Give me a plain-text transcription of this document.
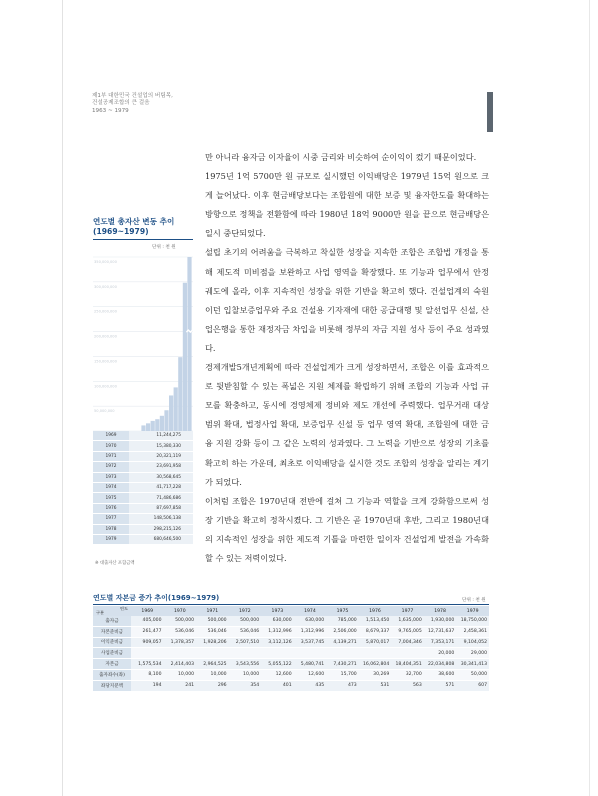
제1부 대한민국 건설업의 버팀목,
건설공제조합의 큰 걸음
1963 ~ 1979
연도별 총자산 변동 추이
(1969~1979)
단위 : 천 원
350,000,000
300,000,000
250,000,000
200,000,000
150,000,000
100,000,000
50,000,000
1969	11,244,275
1970	15,380,330
1971	20,321,119
1972	23,691,958
1973	30,568,645
1974	41,717,228
1975	71,486,686
1976	87,697,858
1977	148,506,138
1978	298,215,126
1979	680,646,500
※ 대출자산 포함금액

만 아니라 융자금 이자율이 시중 금리와 비슷하여 순이익이 컸기 때문이었다.

1975년 1억 5700만 원 규모로 실시했던 이익배당은 1979년 15억 원으로 크게 늘어났다. 이후 현금배당보다는 조합원에 대한 보증 및 융자한도를 확대하는 방향으로 정책을 전환함에 따라 1980년 18억 9000만 원을 끝으로 현금배당은 일시 중단되었다.

설립 초기의 어려움을 극복하고 착실한 성장을 지속한 조합은 조합법 개정을 통해 제도적 미비점을 보완하고 사업 영역을 확장했다. 또 기능과 업무에서 안정 궤도에 올라, 이후 지속적인 성장을 위한 기반을 확고히 했다. 건설업계의 숙원이던 입찰보증업무와 주요 건설용 기자재에 대한 공급대행 및 알선업무 신설, 산업은행을 통한 재정자금 차입을 비롯해 정부의 자금 지원 성사 등이 주요 성과였다.

경제개발5개년계획에 따라 건설업계가 크게 성장하면서, 조합은 이를 효과적으로 뒷받침할 수 있는 폭넓은 지원 체제를 확립하기 위해 조합의 기능과 사업 규모를 확충하고, 동시에 경영체제 정비와 제도 개선에 주력했다. 업무거래 대상 범위 확대, 법정사업 확대, 보증업무 신설 등 업무 영역 확대, 조합원에 대한 금융 지원 강화 등이 그 같은 노력의 성과였다. 그 노력을 기반으로 성장의 기초를 확고히 하는 가운데, 최초로 이익배당을 실시한 것도 조합의 성장을 알리는 계기가 되었다.

이처럼 조합은 1970년대 전반에 걸쳐 그 기능과 역할을 크게 강화함으로써 성장 기반을 확고히 정착시켰다. 그 기반은 곧 1970년대 후반, 그리고 1980년대의 지속적인 성장을 위한 제도적 기틀을 마련한 일이자 건설업계 발전을 가속화할 수 있는 저력이었다.

연도별 자본금 증가 추이(1969~1979)	단위 : 천 원
연도
구분	1969	1970	1971	1972	1973	1974	1975	1976	1977	1978	1979
출자금	405,000	500,000	500,000	500,000	630,000	630,000	785,000	1,513,450	1,635,000	1,930,000	18,750,000
자본준비금	261,477	536,046	536,046	536,046	1,312,996	1,312,996	2,506,000	8,679,337	9,765,005	12,731,637	2,458,361
이익준비금	909,057	1,378,357	1,928,206	2,507,510	3,112,126	3,537,745	4,139,271	5,870,017	7,004,346	7,353,171	9,104,052
사업준비금										20,000	29,000
자본금	1,575,534	2,414,403	2,964,525	3,543,556	5,055,122	5,480,741	7,430,271	16,062,804	18,404,351	22,034,808	30,341,413
출자좌수(좌)	8,100	10,000	10,000	10,000	12,600	12,600	15,700	30,269	32,700	38,600	50,000
좌당지분액	194	241	296	354	401	435	473	531	563	571	607
